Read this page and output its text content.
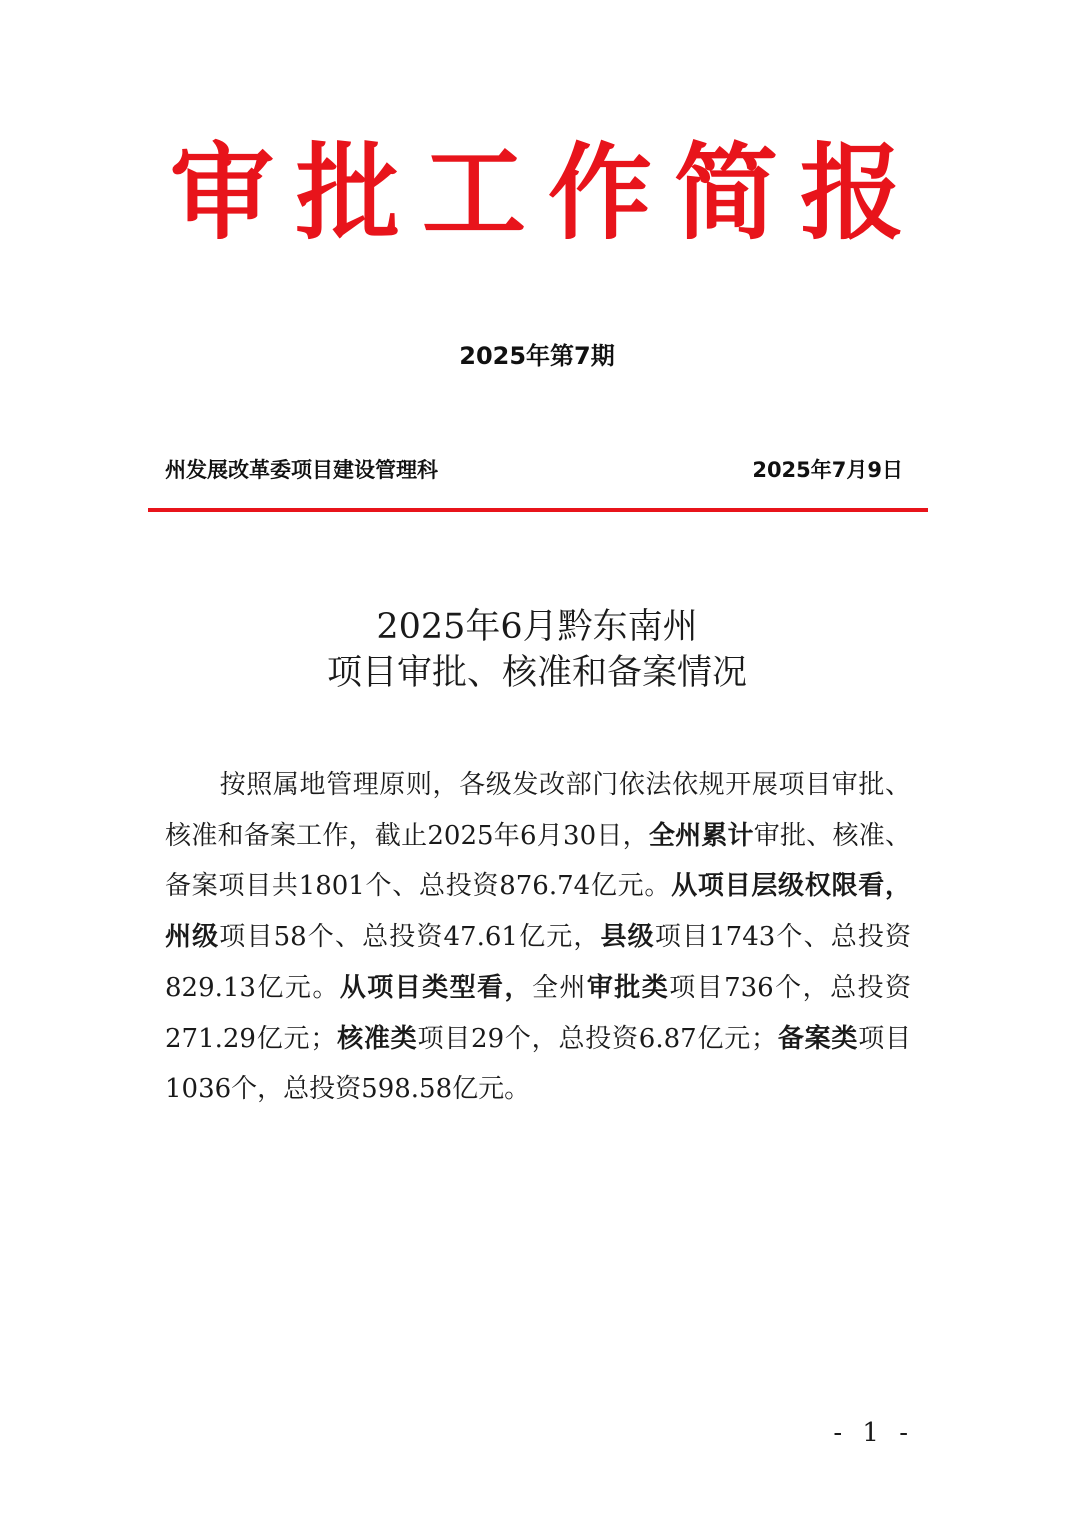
审批工作简报
2025年第7期
州发展改革委项目建设管理科	2025年7月9日
2025年6月黔东南州
项目审批、核准和备案情况
按照属地管理原则，各级发改部门依法依规开展项目审批、核准和备案工作，截止2025年6月30日，全州累计审批、核准、备案项目共1801个、总投资876.74亿元。从项目层级权限看，州级项目58个、总投资47.61亿元，县级项目1743个、总投资829.13亿元。从项目类型看，全州审批类项目736个，总投资271.29亿元；核准类项目29个，总投资6.87亿元；备案类项目1036个，总投资598.58亿元。
- 1 -
